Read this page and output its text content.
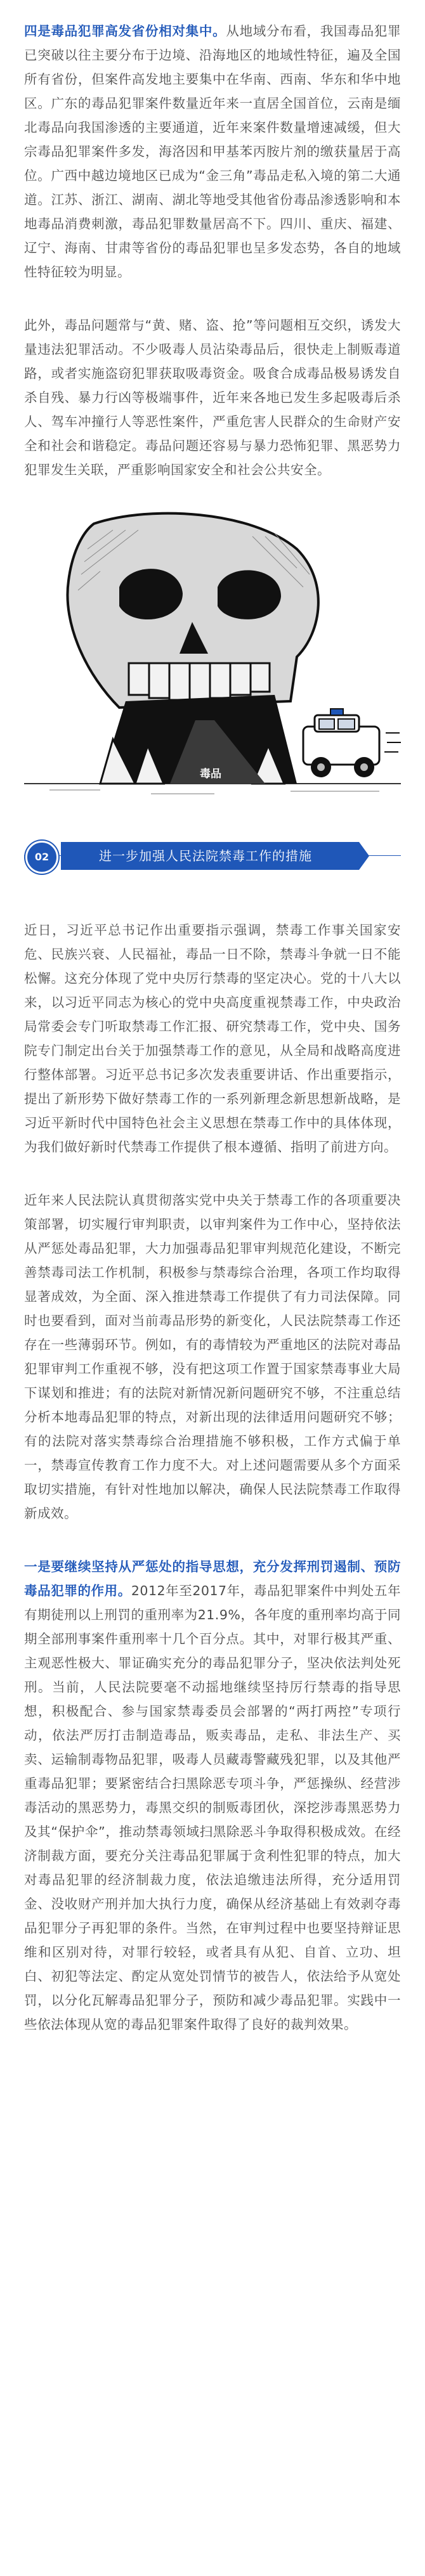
四是毒品犯罪高发省份相对集中。从地域分布看，我国毒品犯罪已突破以往主要分布于边境、沿海地区的地域性特征，遍及全国所有省份，但案件高发地主要集中在华南、西南、华东和华中地区。广东的毒品犯罪案件数量近年来一直居全国首位，云南是缅北毒品向我国渗透的主要通道，近年来案件数量增速减缓，但大宗毒品犯罪案件多发，海洛因和甲基苯丙胺片剂的缴获量居于高位。广西中越边境地区已成为“金三角”毒品走私入境的第二大通道。江苏、浙江、湖南、湖北等地受其他省份毒品渗透影响和本地毒品消费刺激，毒品犯罪数量居高不下。四川、重庆、福建、辽宁、海南、甘肃等省份的毒品犯罪也呈多发态势，各自的地域性特征较为明显。

此外，毒品问题常与“黄、赌、盗、抢”等问题相互交织，诱发大量违法犯罪活动。不少吸毒人员沾染毒品后，很快走上制贩毒道路，或者实施盗窃犯罪获取吸毒资金。吸食合成毒品极易诱发自杀自残、暴力行凶等极端事件，近年来各地已发生多起吸毒后杀人、驾车冲撞行人等恶性案件，严重危害人民群众的生命财产安全和社会和谐稳定。毒品问题还容易与暴力恐怖犯罪、黑恶势力犯罪发生关联，严重影响国家安全和社会公共安全。

毒品
02	进一步加强人民法院禁毒工作的措施

近日，习近平总书记作出重要指示强调，禁毒工作事关国家安危、民族兴衰、人民福祉，毒品一日不除，禁毒斗争就一日不能松懈。这充分体现了党中央厉行禁毒的坚定决心。党的十八大以来，以习近平同志为核心的党中央高度重视禁毒工作，中央政治局常委会专门听取禁毒工作汇报、研究禁毒工作，党中央、国务院专门制定出台关于加强禁毒工作的意见，从全局和战略高度进行整体部署。习近平总书记多次发表重要讲话、作出重要指示，提出了新形势下做好禁毒工作的一系列新理念新思想新战略，是习近平新时代中国特色社会主义思想在禁毒工作中的具体体现，为我们做好新时代禁毒工作提供了根本遵循、指明了前进方向。

近年来人民法院认真贯彻落实党中央关于禁毒工作的各项重要决策部署，切实履行审判职责，以审判案件为工作中心，坚持依法从严惩处毒品犯罪，大力加强毒品犯罪审判规范化建设，不断完善禁毒司法工作机制，积极参与禁毒综合治理，各项工作均取得显著成效，为全面、深入推进禁毒工作提供了有力司法保障。同时也要看到，面对当前毒品形势的新变化，人民法院禁毒工作还存在一些薄弱环节。例如，有的毒情较为严重地区的法院对毒品犯罪审判工作重视不够，没有把这项工作置于国家禁毒事业大局下谋划和推进；有的法院对新情况新问题研究不够，不注重总结分析本地毒品犯罪的特点，对新出现的法律适用问题研究不够；有的法院对落实禁毒综合治理措施不够积极，工作方式偏于单一，禁毒宣传教育工作力度不大。对上述问题需要从多个方面采取切实措施，有针对性地加以解决，确保人民法院禁毒工作取得新成效。

一是要继续坚持从严惩处的指导思想，充分发挥刑罚遏制、预防毒品犯罪的作用。2012年至2017年，毒品犯罪案件中判处五年有期徒刑以上刑罚的重刑率为21.9%，各年度的重刑率均高于同期全部刑事案件重刑率十几个百分点。其中，对罪行极其严重、主观恶性极大、罪证确实充分的毒品犯罪分子，坚决依法判处死刑。当前，人民法院要毫不动摇地继续坚持厉行禁毒的指导思想，积极配合、参与国家禁毒委员会部署的“两打两控”专项行动，依法严厉打击制造毒品，贩卖毒品，走私、非法生产、买卖、运输制毒物品犯罪，吸毒人员藏毒警藏残犯罪，以及其他严重毒品犯罪；要紧密结合扫黑除恶专项斗争，严惩操纵、经营涉毒活动的黑恶势力，毒黑交织的制贩毒团伙，深挖涉毒黑恶势力及其“保护伞”，推动禁毒领域扫黑除恶斗争取得积极成效。在经济制裁方面，要充分关注毒品犯罪属于贪利性犯罪的特点，加大对毒品犯罪的经济制裁力度，依法追缴违法所得，充分适用罚金、没收财产刑并加大执行力度，确保从经济基础上有效剥夺毒品犯罪分子再犯罪的条件。当然，在审判过程中也要坚持辩证思维和区别对待，对罪行较轻，或者具有从犯、自首、立功、坦白、初犯等法定、酌定从宽处罚情节的被告人，依法给予从宽处罚，以分化瓦解毒品犯罪分子，预防和减少毒品犯罪。实践中一些依法体现从宽的毒品犯罪案件取得了良好的裁判效果。
